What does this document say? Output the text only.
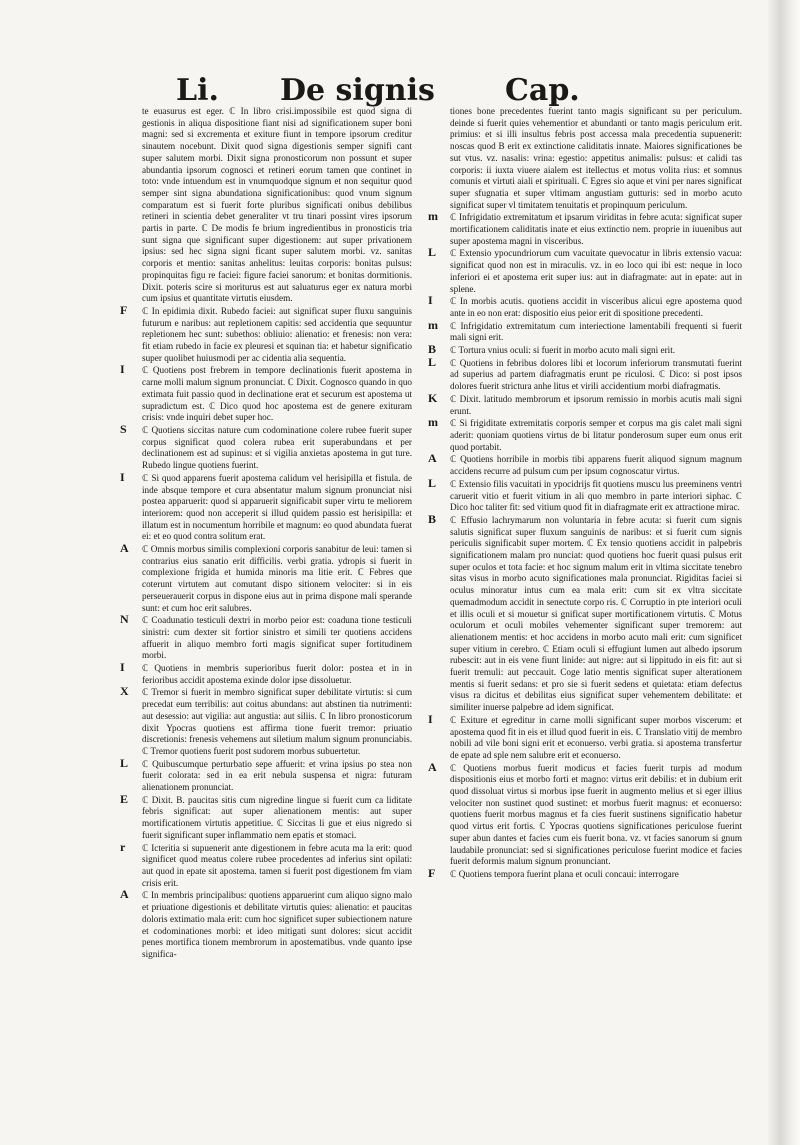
Li. De signis Cap.

te euasurus est eger. ℂ In libro crisi.impossibile est quod signa di gestionis in aliqua dispositione fiant nisi ad significationem super boni magni: sed si excrementa et exiture fiunt in tempore ipsorum creditur sinautem nocebunt. Dixit quod signa digestionis semper signifi cant super salutem morbi. Dixit signa pronosticorum non possunt et super abundantia ipsorum cognosci et retineri eorum tamen que continet in toto: vnde intuendum est in vnumquodque signum et non sequitur quod semper sint signa abundationa significationibus: quod vnum signum comparatum est si fuerit forte pluribus significati onibus debilibus retineri in scientia debet generaliter vt tru tinari possint vires ipsorum partis in parte. ℂ De modis fe brium ingredientibus in pronosticis tria sunt signa que significant super digestionem: aut super privationem ipsius: sed hec signa signi ficant super salutem morbi. vz. sanitas corporis et mentio: sanitas anhelitus: leuitas corporis: bonitas pulsus: propinquitas figu re faciei: figure faciei sanorum: et bonitas dormitionis. Dixit. poteris scire si moriturus est aut saluaturus eger ex natura morbi cum ipsius et quantitate virtutis eiusdem.

F ℂ In epidimia dixit. Rubedo faciei: aut significat super fluxu sanguinis futurum e naribus: aut repletionem capitis: sed accidentia que sequuntur repletionem hec sunt: subethos: obliuio: alienatio: et frenesis: non vera: fit etiam rubedo in facie ex pleuresi et squinan tia: et habetur significatio super quolibet huiusmodi per ac cidentia alia sequentia.

I ℂ Quotiens post frebrem in tempore declinationis fuerit apostema in carne molli malum signum pronunciat. ℂ Dixit. Cognosco quando in quo extimata fuit passio quod in declinatione erat et securum est apostema ut supradictum est. ℂ Dico quod hoc apostema est de genere exituram crisis: vnde inquiri debet super hoc.

S ℂ Quotiens siccitas nature cum codominatione colere rubee fuerit super corpus significat quod colera rubea erit superabundans et per declinationem est ad supinus: et si vigilia anxietas apostema in gut ture. Rubedo lingue quotiens fuerint.

I ℂ Si quod apparens fuerit apostema calidum vel herisipilla et fistula. de inde absque tempore et cura absentatur malum signum pronunciat nisi postea apparuerit: quod si apparuerit significabit super virtu te meliorem interiorem: quod non acceperit si illud quidem passio est herisipilla: et illatum est in nocumentum horribile et magnum: eo quod abundata fuerat ei: et eo quod contra solitum erat.

A ℂ Omnis morbus similis complexioni corporis sanabitur de leui: tamen si contrarius eius sanatio erit difficilis. verbi gratia. ydropis si fuerit in complexione frigida et humida minoris ma litie erit. ℂ Febres que coterunt virtutem aut comutant dispo sitionem velociter: si in eis perseuerauerit corpus in dispone eius aut in prima dispone mali sperande sunt: et cum hoc erit salubres.

N ℂ Coadunatio testiculi dextri in morbo peior est: coaduna tione testiculi sinistri: cum dexter sit fortior sinistro et simili ter quotiens accidens affuerit in aliquo membro forti magis significat super fortitudinem morbi.

I ℂ Quotiens in membris superioribus fuerit dolor: postea et in in ferioribus accidit apostema exinde dolor ipse dissoluetur.

X ℂ Tremor si fuerit in membro significat super debilitate virtutis: si cum precedat eum terribilis: aut coitus abundans: aut abstinen tia nutrimenti: aut desessio: aut vigilia: aut angustia: aut siliis. ℂ In libro pronosticorum dixit Ypocras quotiens est affirma tione fuerit tremor: priuatio discretionis: frenesis vehemens aut siletium malum signum pronunciabis. ℂ Tremor quotiens fuerit post sudorem morbus subuertetur.

L ℂ Quibuscumque perturbatio sepe affuerit: et vrina ipsius po stea non fuerit colorata: sed in ea erit nebula suspensa et nigra: futuram alienationem pronunciat.

E ℂ Dixit. B. paucitas sitis cum nigredine lingue si fuerit cum ca liditate febris significat: aut super alienationem mentis: aut super mortificationem virtutis appetitiue. ℂ Siccitas li gue et eius nigredo si fuerit significant super inflammatio nem epatis et stomaci.

r ℂ Icteritia si supuenerit ante digestionem in febre acuta ma la erit: quod significet quod meatus colere rubee procedentes ad inferius sint opilati: aut quod in epate sit apostema. tamen si fuerit post digestionem fm viam crisis erit.

A ℂ In membris principalibus: quotiens apparuerint cum aliquo signo malo et priuatione digestionis et debilitate virtutis quies: alienatio: et paucitas doloris extimatio mala erit: cum hoc significet super subiectionem nature et codominationes morbi: et ideo mitigati sunt dolores: sicut accidit penes mortifica tionem membrorum in apostematibus. vnde quanto ipse significa-

tiones bone precedentes fuerint tanto magis significant su per periculum. deinde si fuerit quies vehementior et abundanti or tanto magis periculum erit. primius: et si illi insultus febris post accessa mala precedentia supuenerit: noscas quod B erit ex extinctione caliditatis innate. Maiores significationes be sut vtus. vz. nasalis: vrina: egestio: appetitus animalis: pulsus: et calidi tas corporis: ii iuxta viuere aialem est itellectus et motus volita rius: et somnus comunis et virtuti aiali et spirituali. ℂ Egres sio aque et vini per nares significat super sfugnatia et super vltimam angustiam gutturis: sed in morbo acuto significat super vl timitatem tenuitatis et propinquum periculum.

m ℂ Infrigidatio extremitatum et ipsarum viriditas in febre acuta: significat super mortificationem caliditatis inate et eius extinctio nem. proprie in iuuenibus aut super apostema magni in visceribus.

L ℂ Extensio ypocundriorum cum vacuitate quevocatur in libris extensio vacua: significat quod non est in miraculis. vz. in eo loco qui ibi est: neque in loco inferiori ei et apostema erit super ius: aut in diafragmate: aut in epate: aut in splene.

I ℂ In morbis acutis. quotiens accidit in visceribus alicui egre apostema quod ante in eo non erat: dispositio eius peior erit di spositione precedenti.

m ℂ Infrigidatio extremitatum cum interiectione lamentabili frequenti si fuerit mali signi erit.

B ℂ Tortura vnius oculi: si fuerit in morbo acuto mali signi erit.

L ℂ Quotiens in febribus dolores libi et locorum inferiorum transmutati fuerint ad superius ad partem diafragmatis erunt pe riculosi. ℂ Dico: si post ipsos dolores fuerit strictura anhe litus et virili accidentium morbi diafragmatis.

K ℂ Dixit. latitudo membrorum et ipsorum remissio in morbis acutis mali signi erunt.

m ℂ Si frigiditate extremitatis corporis semper et corpus ma gis calet mali signi aderit: quoniam quotiens virtus de bi litatur ponderosum super eum onus erit quod portabit.

A ℂ Quotiens horribile in morbis tibi apparens fuerit aliquod signum magnum accidens recurre ad pulsum cum per ipsum cognoscatur virtus.

L ℂ Extensio filis vacuitati in ypocidrijs fit quotiens muscu lus preeminens ventri caruerit vitio et fuerit vitium in ali quo membro in parte interiori siphac. ℂ Dico hoc taliter fit: sed vitium quod fit in diafragmate erit ex attractione mirac.

B ℂ Effusio lachrymarum non voluntaria in febre acuta: si fuerit cum signis salutis significat super fluxum sanguinis de naribus: et si fuerit cum signis periculis significabit super mortem. ℂ Ex tensio quotiens accidit in palpebris significationem malam pro nunciat: quod quotiens hoc fuerit quasi pulsus erit super oculos et tota facie: et hoc signum malum erit in vltima siccitate tenebro sitas visus in morbo acuto significationes mala pronunciat. Rigiditas faciei si oculus minoratur intus cum ea mala erit: cum sit ex vltra siccitate quemadmodum accidit in senectute corpo ris. ℂ Corruptio in pte interiori oculi et illis oculi et si mouetur si gnificat super mortificationem virtutis. ℂ Motus oculorum et oculi mobiles vehementer significant super tremorem: aut alienationem mentis: et hoc accidens in morbo acuto mali erit: cum significet super vitium in cerebro. ℂ Etiam oculi si effugiunt lumen aut albedo ipsorum rubescit: aut in eis vene fiunt linide: aut nigre: aut si lippitudo in eis fit: aut si fuerit tremuli: aut peccauit. Coge latio mentis significat super alterationem mentis si fuerit sedans: et pro sie si fuerit sedens et quietata: etiam defectus visus ra dicitus et debilitas eius significat super vehementem debilitate: et similiter inuerse palpebre ad idem significat.

I ℂ Exiture et egreditur in carne molli significant super morbos viscerum: et apostema quod fit in eis et illud quod fuerit in eis. ℂ Translatio vitij de membro nobili ad vile boni signi erit et econuerso. verbi gratia. si apostema transfertur de epate ad sple nem salubre erit et econuerso.

A ℂ Quotiens morbus fuerit modicus et facies fuerit turpis ad modum dispositionis eius et morbo forti et magno: virtus erit debilis: et in dubium erit quod dissoluat virtus si morbus ipse fuerit in augmento melius et si eger illius velociter non sustinet quod sustinet: et morbus fuerit magnus: et econuerso: quotiens fuerit morbus magnus et fa cies fuerit sustinens significatio habetur quod virtus erit fortis. ℂ Ypocras quotiens significationes periculose fuerint super abun dantes et facies cum eis fuerit bona. vz. vt facies sanorum si gnum laudabile pronunciat: sed si significationes periculose fuerint modice et facies fuerit deformis malum signum pronunciant.

F ℂ Quotiens tempora fuerint plana et oculi concaui: interrogare
